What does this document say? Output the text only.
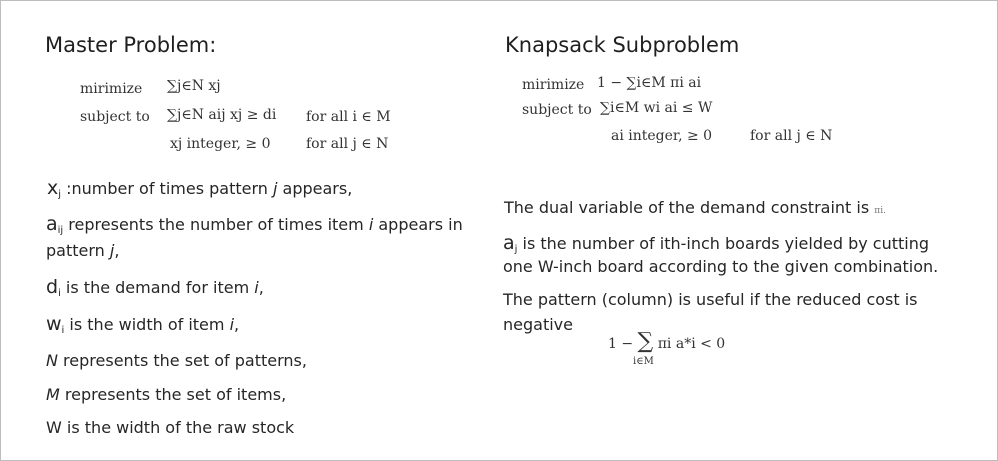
Master Problem:
mirimize ∑j∈N xj
subject to ∑j∈N aij xj ≥ di for all i ∈ M
xj integer, ≥ 0	for all j ∈ N
$x_j$ :number of times pattern j appears,
$a_{ij}$ represents the number of times item i appears in
pattern j,
$d_i$ is the demand for item i,
$w_i$ is the width of item i,
N represents the set of patterns,
M represents the set of items,
W is the width of the raw stock
Knapsack Subproblem
mirimize 1 − ∑i∈M πi ai
subject to ∑i∈M wi ai ≤ W
ai integer, ≥ 0	for all j ∈ N
The dual variable of the demand constraint is πi.
$a_j$ is the number of ith-inch boards yielded by cutting
one W-inch board according to the given combination.
The pattern (column) is useful if the reduced cost is
negative
1 − ∑ πi a*i < 0
i∈M
